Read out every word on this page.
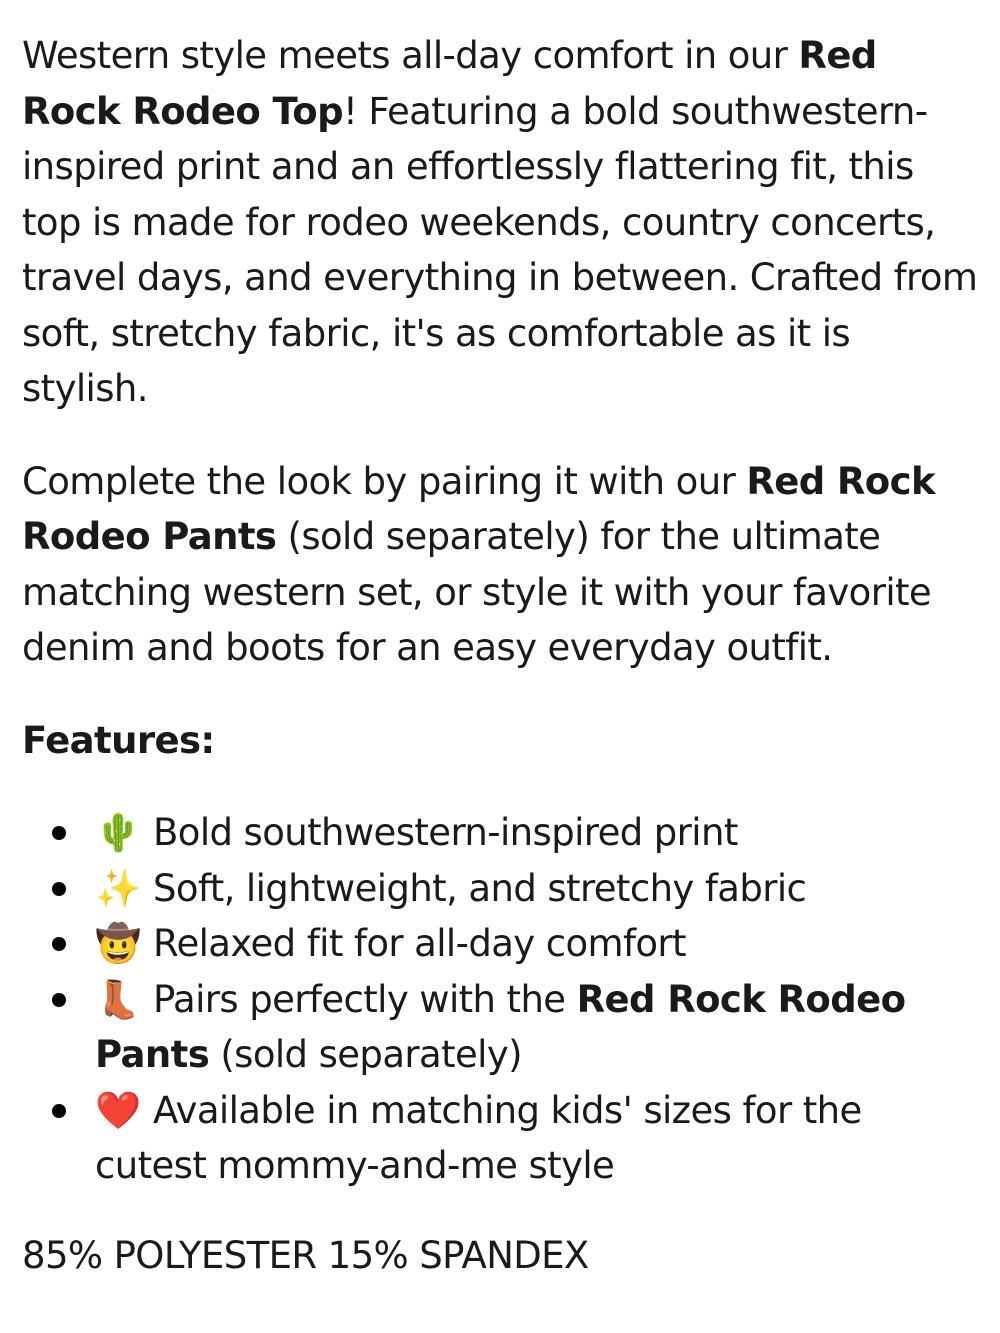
Western style meets all-day comfort in our Red Rock Rodeo Top! Featuring a bold southwestern-inspired print and an effortlessly flattering fit, this top is made for rodeo weekends, country concerts, travel days, and everything in between. Crafted from soft, stretchy fabric, it's as comfortable as it is stylish.

Complete the look by pairing it with our Red Rock Rodeo Pants (sold separately) for the ultimate matching western set, or style it with your favorite denim and boots for an easy everyday outfit.

Features:

🌵 Bold southwestern-inspired print
✨ Soft, lightweight, and stretchy fabric
🤠 Relaxed fit for all-day comfort
👢 Pairs perfectly with the Red Rock Rodeo Pants (sold separately)
❤️ Available in matching kids' sizes for the cutest mommy-and-me style

85% POLYESTER 15% SPANDEX
